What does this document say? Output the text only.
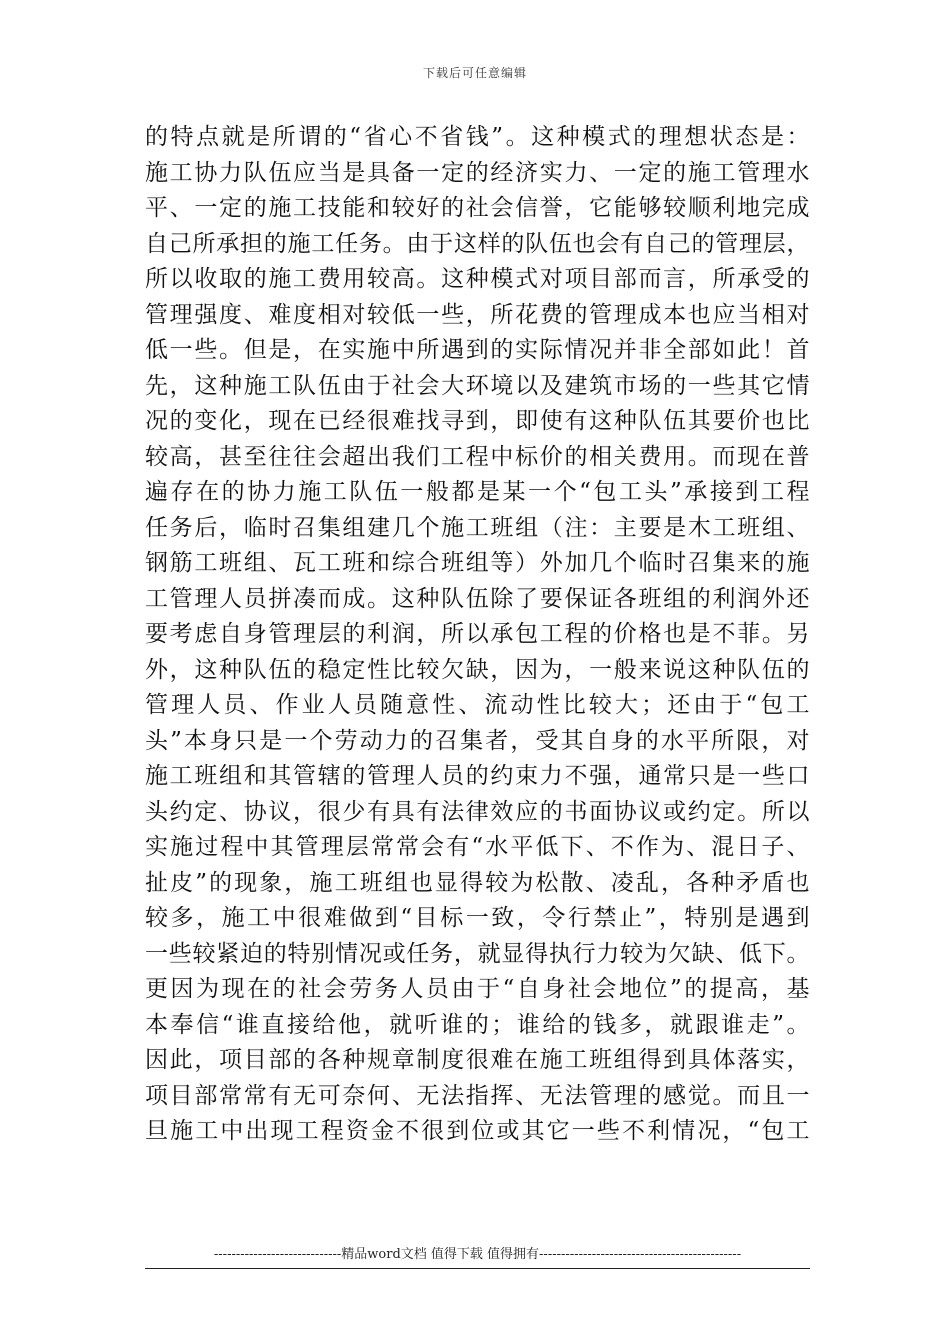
下载后可任意编辑
的特点就是所谓的“省心不省钱”。这种模式的理想状态是：
施工协力队伍应当是具备一定的经济实力、一定的施工管理水
平、一定的施工技能和较好的社会信誉，它能够较顺利地完成
自己所承担的施工任务。由于这样的队伍也会有自己的管理层，
所以收取的施工费用较高。这种模式对项目部而言，所承受的
管理强度、难度相对较低一些，所花费的管理成本也应当相对
低一些。但是，在实施中所遇到的实际情况并非全部如此！首
先，这种施工队伍由于社会大环境以及建筑市场的一些其它情
况的变化，现在已经很难找寻到，即使有这种队伍其要价也比
较高，甚至往往会超出我们工程中标价的相关费用。而现在普
遍存在的协力施工队伍一般都是某一个“包工头”承接到工程
任务后，临时召集组建几个施工班组（注：主要是木工班组、
钢筋工班组、瓦工班和综合班组等）外加几个临时召集来的施
工管理人员拼凑而成。这种队伍除了要保证各班组的利润外还
要考虑自身管理层的利润，所以承包工程的价格也是不菲。另
外，这种队伍的稳定性比较欠缺，因为，一般来说这种队伍的
管理人员、作业人员随意性、流动性比较大；还由于“包工
头”本身只是一个劳动力的召集者，受其自身的水平所限，对
施工班组和其管辖的管理人员的约束力不强，通常只是一些口
头约定、协议，很少有具有法律效应的书面协议或约定。所以
实施过程中其管理层常常会有“水平低下、不作为、混日子、
扯皮”的现象，施工班组也显得较为松散、凌乱，各种矛盾也
较多，施工中很难做到“目标一致，令行禁止”，特别是遇到
一些较紧迫的特别情况或任务，就显得执行力较为欠缺、低下。
更因为现在的社会劳务人员由于“自身社会地位”的提高，基
本奉信“谁直接给他，就听谁的；谁给的钱多，就跟谁走”。
因此，项目部的各种规章制度很难在施工班组得到具体落实，
项目部常常有无可奈何、无法指挥、无法管理的感觉。而且一
旦施工中出现工程资金不很到位或其它一些不利情况，“包工
-----------------------------精品word文档 值得下载 值得拥有----------------------------------------------
